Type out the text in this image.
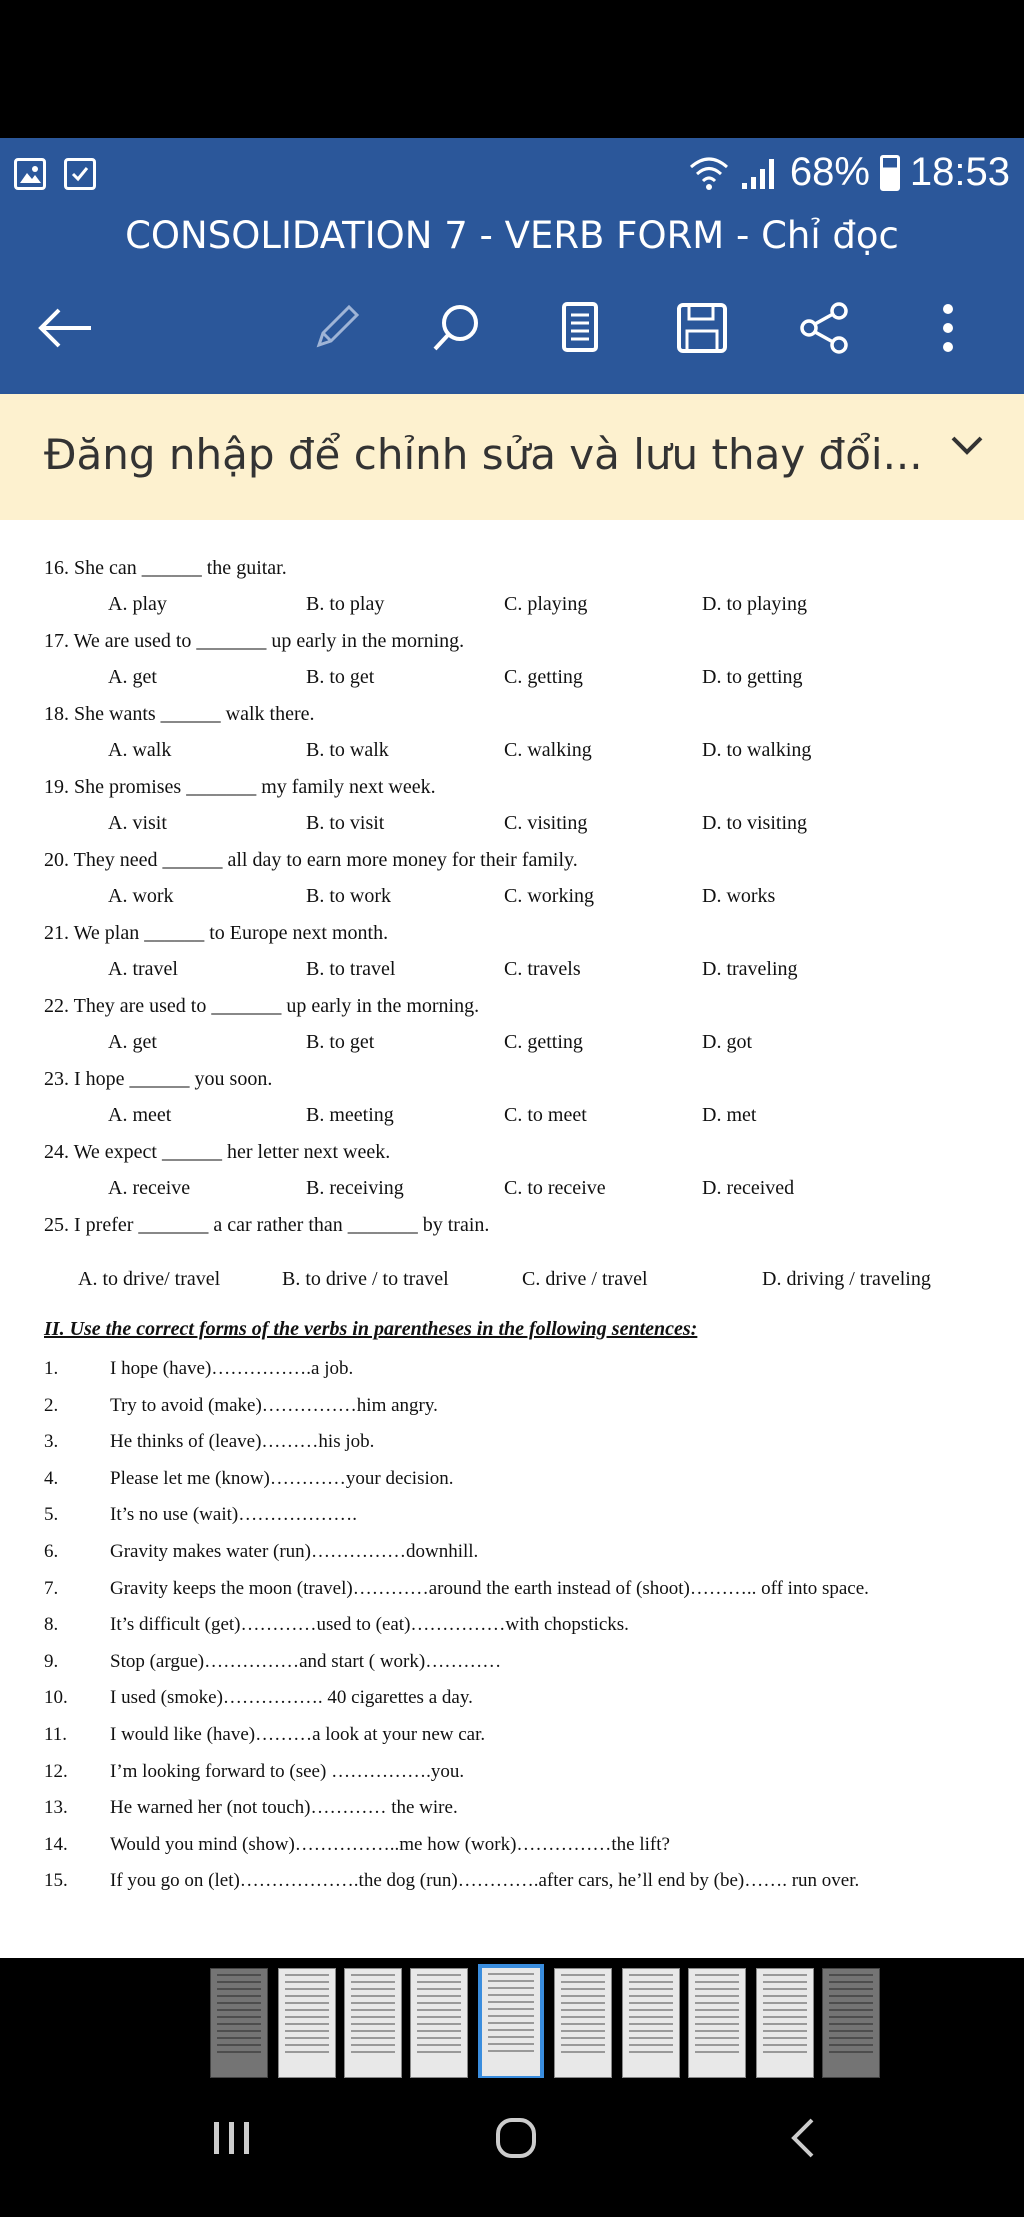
68% 18:53
CONSOLIDATION 7 - VERB FORM - Chỉ đọc
Đăng nhập để chỉnh sửa và lưu thay đổi...
16. She can ______ the guitar.
A. play	B. to play	C. playing	D. to playing
17. We are used to _______ up early in the morning.
A. get	B. to get	C. getting	D. to getting
18. She wants ______ walk there.
A. walk	B. to walk	C. walking	D. to walking
19. She promises _______ my family next week.
A. visit	B. to visit	C. visiting	D. to visiting
20. They need ______ all day to earn more money for their family.
A. work	B. to work	C. working	D. works
21. We plan ______ to Europe next month.
A. travel	B. to travel	C. travels	D. traveling
22. They are used to _______ up early in the morning.
A. get	B. to get	C. getting	D. got
23. I hope ______ you soon.
A. meet	B. meeting	C. to meet	D. met
24. We expect ______ her letter next week.
A. receive	B. receiving	C. to receive	D. received
25. I prefer _______ a car rather than _______ by train.
A. to drive/ travel	B. to drive / to travel	C. drive / travel	D. driving / traveling
II. Use the correct forms of the verbs in parentheses in the following sentences:
1.	I hope (have)…………….a job.
2.	Try to avoid (make)……………him angry.
3.	He thinks of (leave)………his job.
4.	Please let me (know)…………your decision.
5.	It’s no use (wait)……………….
6.	Gravity makes water (run)……………downhill.
7.	Gravity keeps the moon (travel)…………around the earth instead of (shoot)……….. off into space.
8.	It’s difficult (get)…………used to (eat)……………with chopsticks.
9.	Stop (argue)……………and start ( work)…………
10. I used (smoke)……………. 40 cigarettes a day.
11. I would like (have)………a look at your new car.
12. I’m looking forward to (see) …………….you.
13. He warned her (not touch)………… the wire.
14. Would you mind (show)……………..me how (work)……………the lift?
15. If you go on (let)……………….the dog (run)………….after cars, he’ll end by (be)……. run over.
